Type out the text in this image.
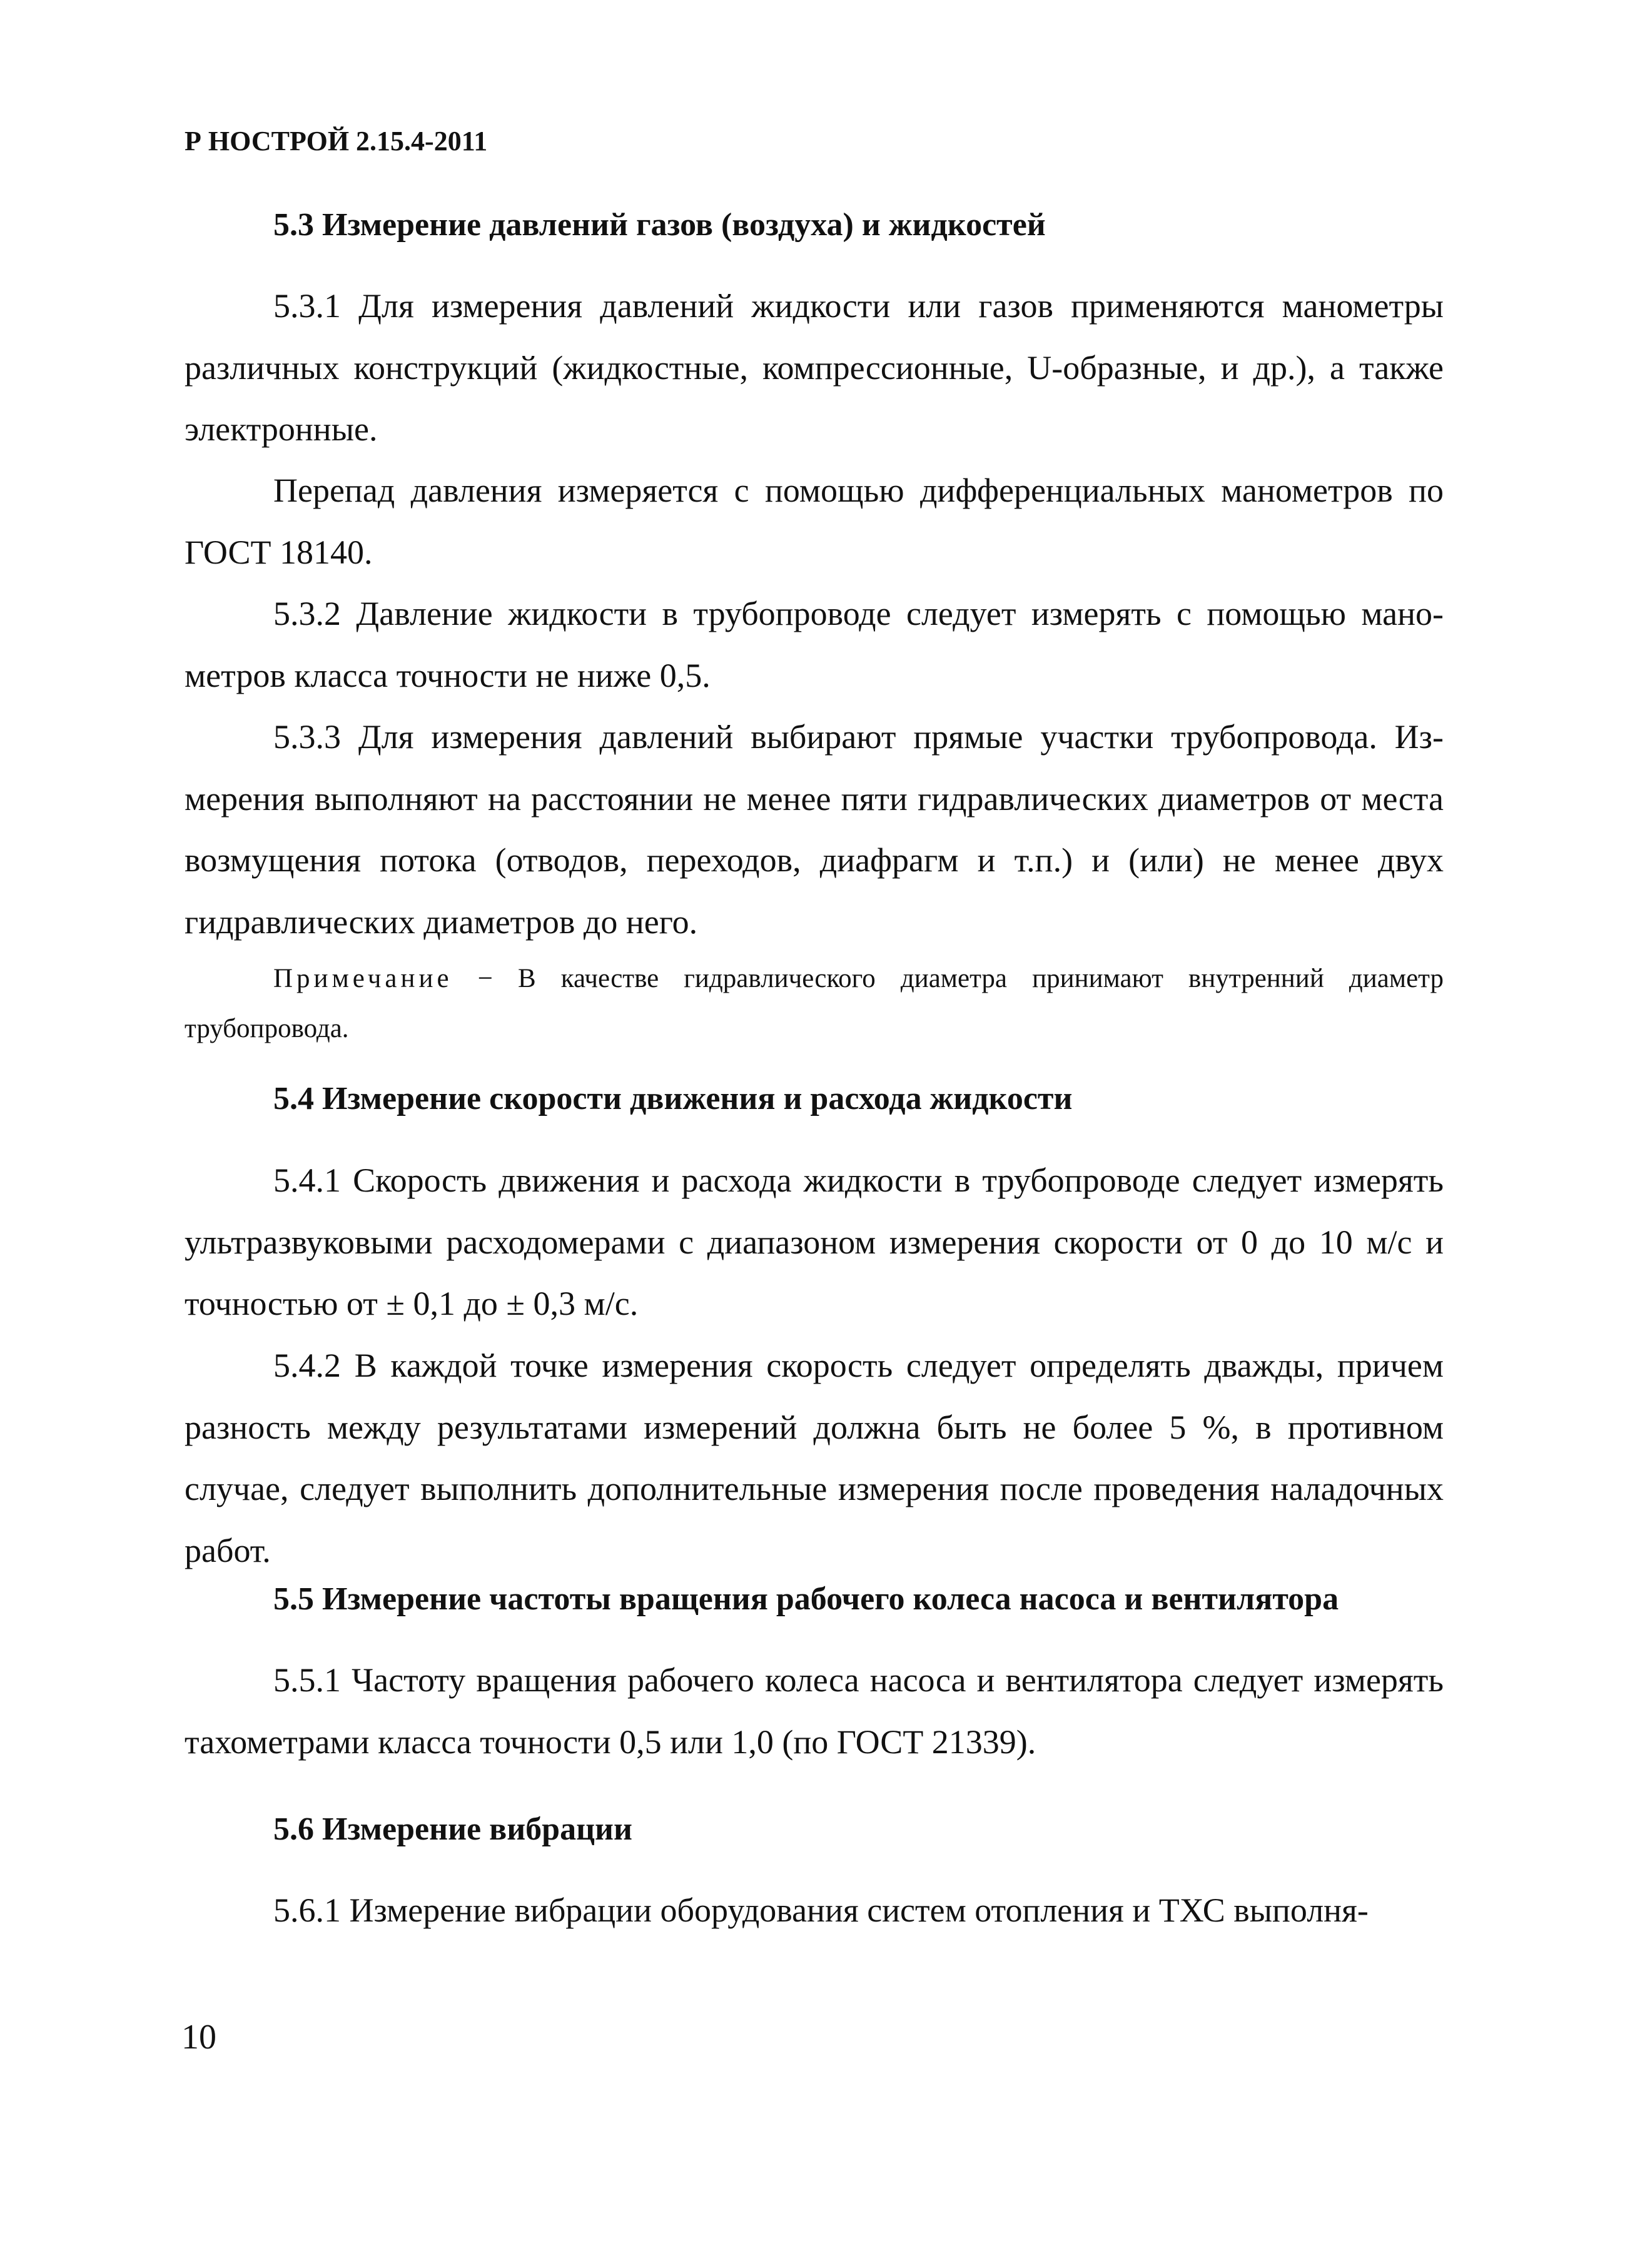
Р НОСТРОЙ 2.15.4-2011
5.3 Измерение давлений газов (воздуха) и жидкостей

5.3.1 Для измерения давлений жидкости или газов применяются манометры различных конструкций (жидкостные, компрессионные, U-образные, и др.), а также электронные.

Перепад давления измеряется с помощью дифференциальных манометров по ГОСТ 18140.

5.3.2 Давление жидкости в трубопроводе следует измерять с помощью манометров класса точности не ниже 0,5.

5.3.3 Для измерения давлений выбирают прямые участки трубопровода. Измерения выполняют на расстоянии не менее пяти гидравлических диаметров от места возмущения потока (отводов, переходов, диафрагм и т.п.) и (или) не менее двух гидравлических диаметров до него.

Примечание − В качестве гидравлического диаметра принимают внутренний диаметр трубопровода.

5.4 Измерение скорости движения и расхода жидкости

5.4.1 Скорость движения и расхода жидкости в трубопроводе следует измерять ультразвуковыми расходомерами с диапазоном измерения скорости от 0 до 10 м/с и точностью от ± 0,1 до ± 0,3 м/с.

5.4.2 В каждой точке измерения скорость следует определять дважды, причем разность между результатами измерений должна быть не более 5 %, в противном случае, следует выполнить дополнительные измерения после проведения наладочных работ.

5.5 Измерение частоты вращения рабочего колеса насоса и вентилятора

5.5.1 Частоту вращения рабочего колеса насоса и вентилятора следует измерять тахометрами класса точности 0,5 или 1,0 (по ГОСТ 21339).

5.6 Измерение вибрации

5.6.1 Измерение вибрации оборудования систем отопления и ТХС выполня-

10
